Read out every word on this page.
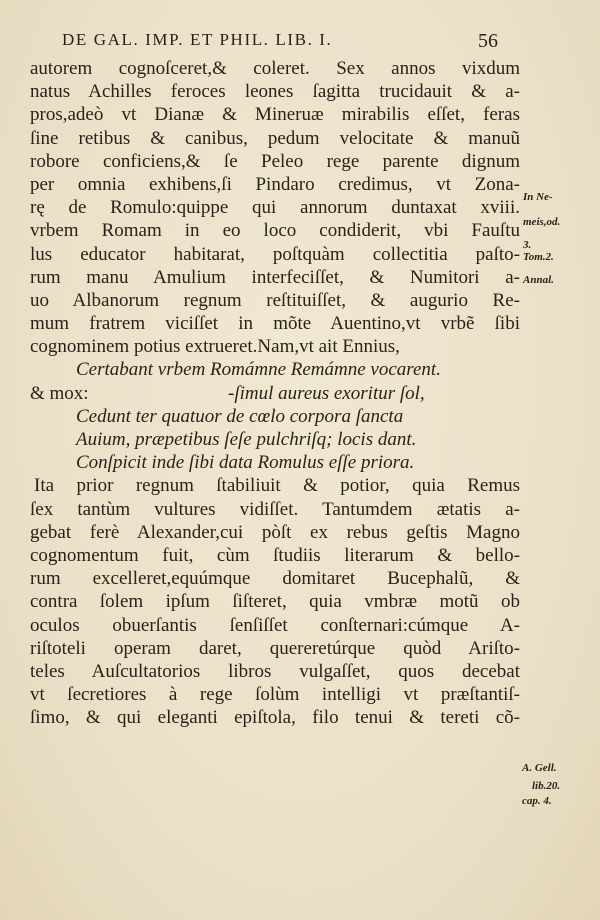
DE GAL. IMP. ET PHIL. LIB. I.	56
autorem cognoſceret,& coleret. Sex annos vixdum
natus Achilles feroces leones ſagitta trucidauit & a-
pros,adeò vt Dianæ & Mineruæ mirabilis eſſet, feras
ſine retibus & canibus, pedum velocitate & manuũ
robore conficiens,& ſe Peleo rege parente dignum
per omnia exhibens,ſi Pindaro credimus, vt Zona-
rę de Romulo:quippe qui annorum duntaxat xviii.
vrbem Romam in eo loco condiderit, vbi Fauſtu
lus educator habitarat, poſtquàm collectitia paſto-
rum manu Amulium interfeciſſet, & Numitori a-
uo Albanorum regnum reſtituiſſet, & augurio Re-
mum fratrem viciſſet in mõte Auentino,vt vrbẽ ſibi
cognominem potius extrueret.Nam,vt ait Ennius,
Certabant vrbem Romámne Remámne vocarent.
& mox:	-ſimul aureus exoritur ſol,
Cedunt ter quatuor de cœlo corpora ſancta
Auium, præpetibus ſeſe pulchriſq; locis dant.
Conſpicit inde ſibi data Romulus eſſe priora.
Ita prior regnum ſtabiliuit & potior, quia Remus
ſex tantùm vultures vidiſſet. Tantumdem ætatis a-
gebat ferè Alexander,cui pòſt ex rebus geſtis Magno
cognomentum fuit, cùm ſtudiis literarum & bello-
rum excelleret,equúmque domitaret Bucephalũ, &
contra ſolem ipſum ſiſteret, quia vmbræ motũ ob
oculos obuerſantis ſenſiſſet conſternari:cúmque A-
riſtoteli operam daret, quereretúrque quòd Ariſto-
teles Auſcultatorios libros vulgaſſet, quos decebat
vt ſecretiores à rege ſolùm intelligi vt præſtantiſ-
ſimo, & qui eleganti epiſtola, filo tenui & tereti cõ-
In Ne-
meis,od.
3.
Tom.2.
Annal.
A. Gell.
lib.20.
cap. 4.
